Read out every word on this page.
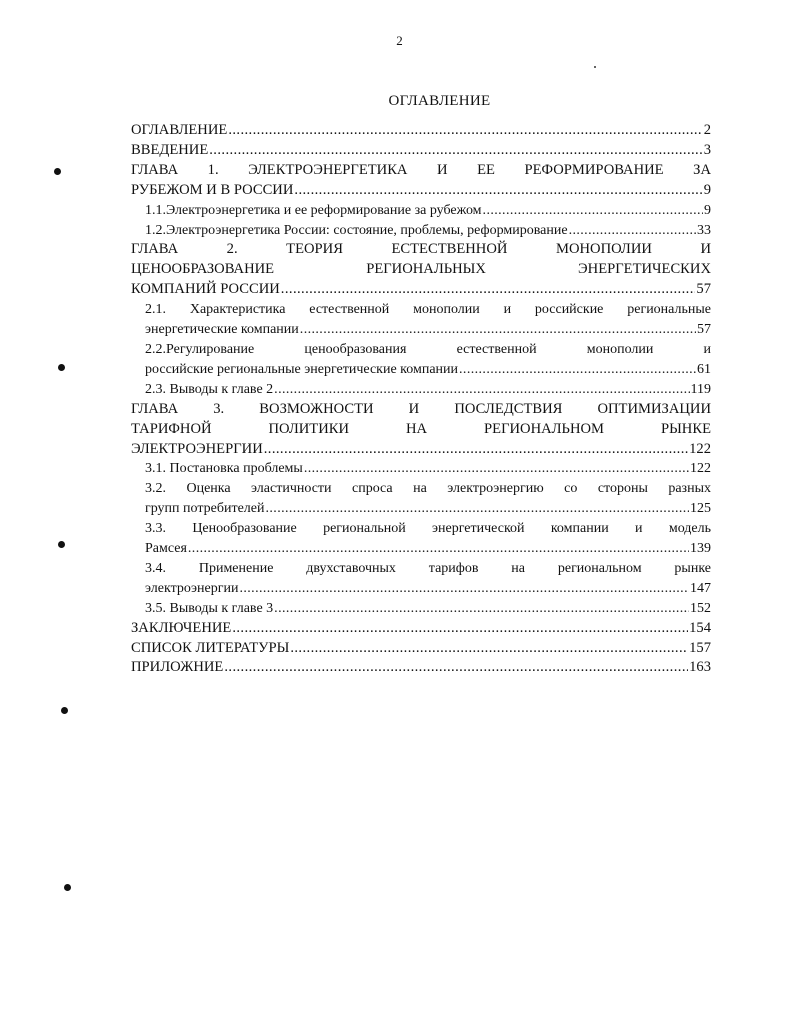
2
ОГЛАВЛЕНИЕ
ОГЛАВЛЕНИЕ .....	2
ВВЕДЕНИЕ .....	3
ГЛАВА 1. ЭЛЕКТРОЭНЕРГЕТИКА И ЕЕ РЕФОРМИРОВАНИЕ ЗА
РУБЕЖОМ И В РОССИИ .....	9
1.1.Электроэнергетика и ее реформирование за рубежом .....	9
1.2.Электроэнергетика России: состояние, проблемы, реформирование .....	33
ГЛАВА 2. ТЕОРИЯ ЕСТЕСТВЕННОЙ МОНОПОЛИИ И
ЦЕНООБРАЗОВАНИЕ РЕГИОНАЛЬНЫХ ЭНЕРГЕТИЧЕСКИХ
КОМПАНИЙ РОССИИ .....	57
2.1. Характеристика естественной монополии и российские региональные
энергетические компании .....	57
2.2.Регулирование ценообразования естественной монополии и
российские региональные энергетические компании .....	61
2.3. Выводы к главе 2 .....	119
ГЛАВА 3. ВОЗМОЖНОСТИ И ПОСЛЕДСТВИЯ ОПТИМИЗАЦИИ
ТАРИФНОЙ ПОЛИТИКИ НА РЕГИОНАЛЬНОМ РЫНКЕ
ЭЛЕКТРОЭНЕРГИИ .....	122
3.1. Постановка проблемы .....	122
3.2. Оценка эластичности спроса на электроэнергию со стороны разных
групп потребителей .....	125
3.3. Ценообразование региональной энергетической компании и модель
Рамсея .....	139
3.4. Применение двухставочных тарифов на региональном рынке
электроэнергии .....	147
3.5. Выводы к главе 3 .....	152
ЗАКЛЮЧЕНИЕ .....	154
СПИСОК ЛИТЕРАТУРЫ .....	157
ПРИЛОЖНИЕ .....	163
